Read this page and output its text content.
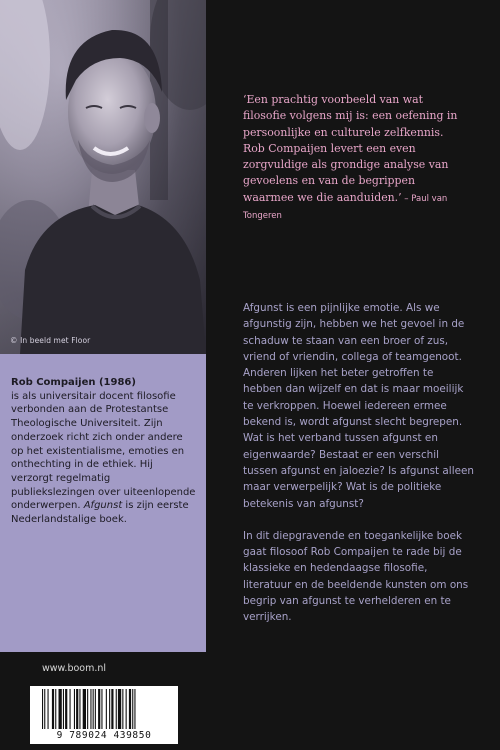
© In beeld met Floor
Rob Compaijen (1986)
is als universitair docent filosofie verbonden aan de Protestantse Theologische Universiteit. Zijn onderzoek richt zich onder andere op het existentialisme, emoties en onthechting in de ethiek. Hij verzorgt regelmatig publiekslezingen over uiteenlopende onderwerpen. Afgunst is zijn eerste Nederlandstalige boek.
www.boom.nl
9 789024 439850
‘Een prachtig voorbeeld van wat filosofie volgens mij is: een oefening in persoonlijke en culturele zelfkennis. Rob Compaijen levert een even zorgvuldige als grondige analyse van gevoelens en van de begrippen waarmee we die aanduiden.’ – Paul van Tongeren

Afgunst is een pijnlijke emotie. Als we afgunstig zijn, hebben we het gevoel in de schaduw te staan van een broer of zus, vriend of vriendin, collega of teamgenoot. Anderen lijken het beter getroffen te hebben dan wijzelf en dat is maar moeilijk te verkroppen. Hoewel iedereen ermee bekend is, wordt afgunst slecht begrepen. Wat is het verband tussen afgunst en eigenwaarde? Bestaat er een verschil tussen afgunst en jaloezie? Is afgunst alleen maar verwerpelijk? Wat is de politieke betekenis van afgunst?

In dit diepgravende en toegankelijke boek gaat filosoof Rob Compaijen te rade bij de klassieke en hedendaagse filosofie, literatuur en de beeldende kunsten om ons begrip van afgunst te verhelderen en te verrijken.
